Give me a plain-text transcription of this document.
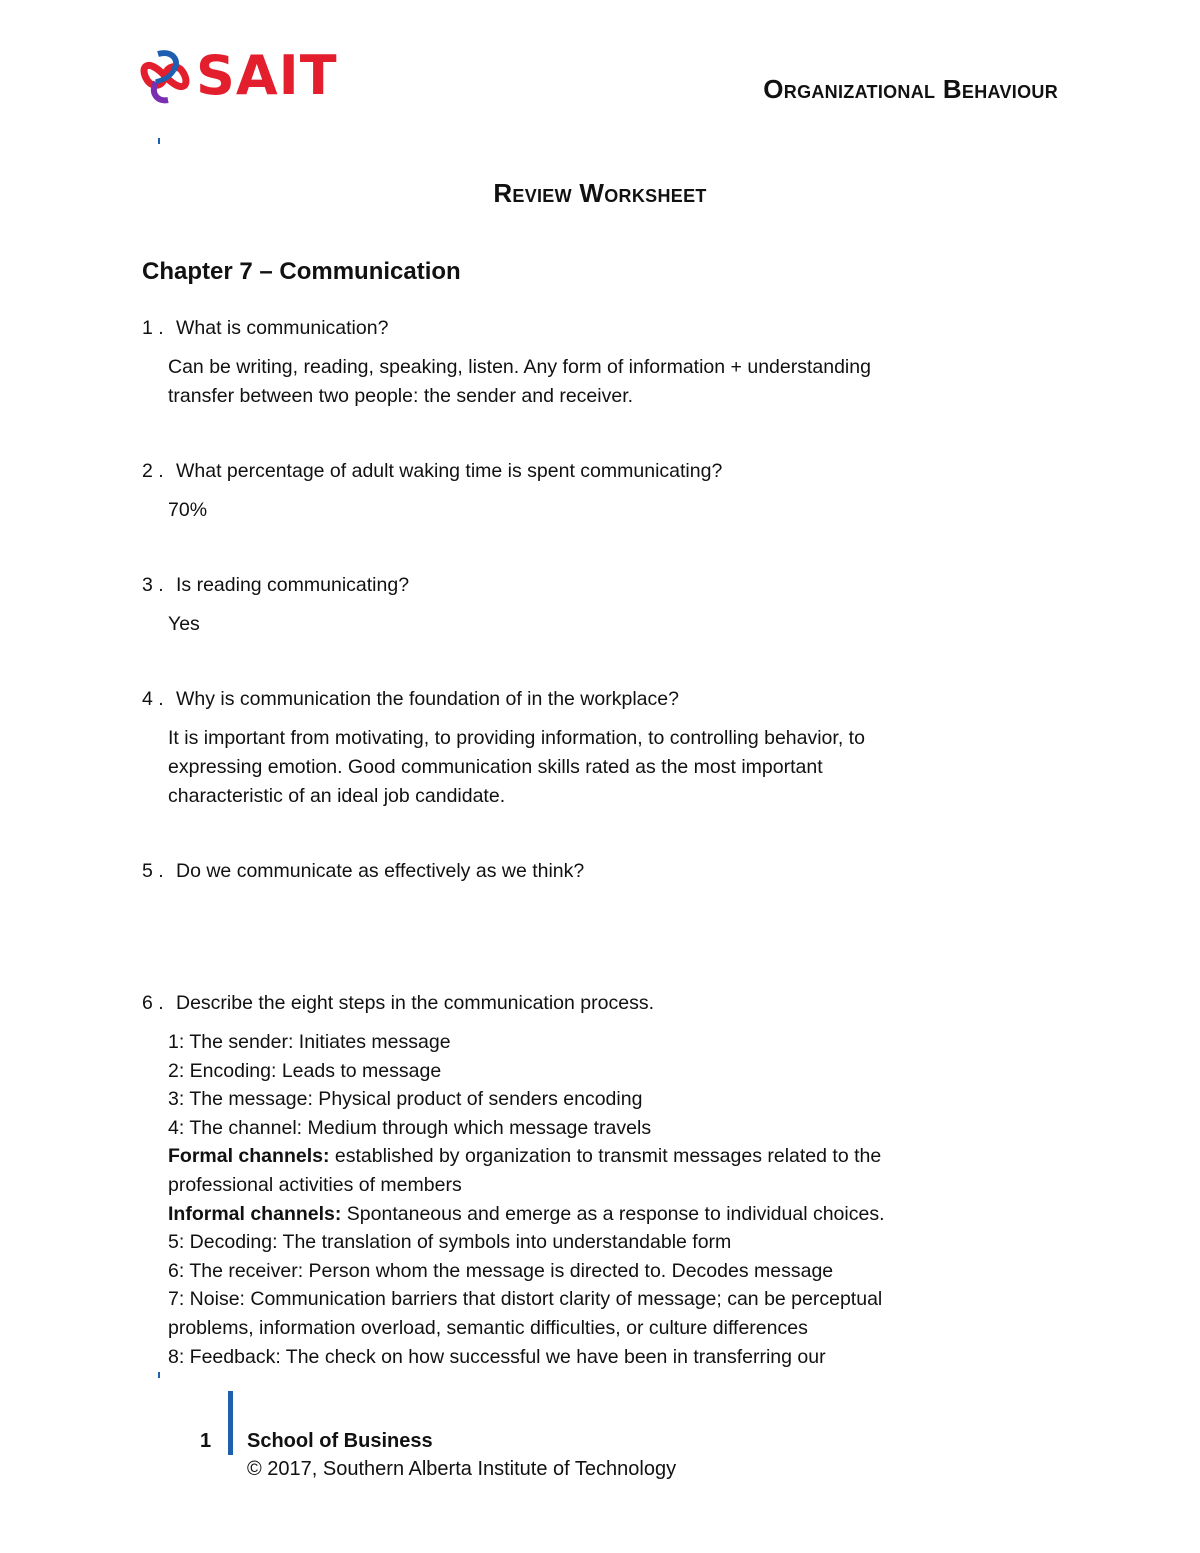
SAIT	Organizational Behaviour
Review Worksheet
Chapter 7 – Communication
1 . What is communication?
Can be writing, reading, speaking, listen. Any form of information + understanding
transfer between two people: the sender and receiver.
2 . What percentage of adult waking time is spent communicating?
70%
3 . Is reading communicating?
Yes
4 . Why is communication the foundation of in the workplace?
It is important from motivating, to providing information, to controlling behavior, to
expressing emotion. Good communication skills rated as the most important
characteristic of an ideal job candidate.
5 . Do we communicate as effectively as we think?
6 . Describe the eight steps in the communication process.
1: The sender: Initiates message
2: Encoding: Leads to message
3: The message: Physical product of senders encoding
4: The channel: Medium through which message travels
Formal channels: established by organization to transmit messages related to the
professional activities of members
Informal channels: Spontaneous and emerge as a response to individual choices.
5: Decoding: The translation of symbols into understandable form
6: The receiver: Person whom the message is directed to. Decodes message
7: Noise: Communication barriers that distort clarity of message; can be perceptual
problems, information overload, semantic difficulties, or culture differences
8: Feedback: The check on how successful we have been in transferring our
1 School of Business
© 2017, Southern Alberta Institute of Technology
